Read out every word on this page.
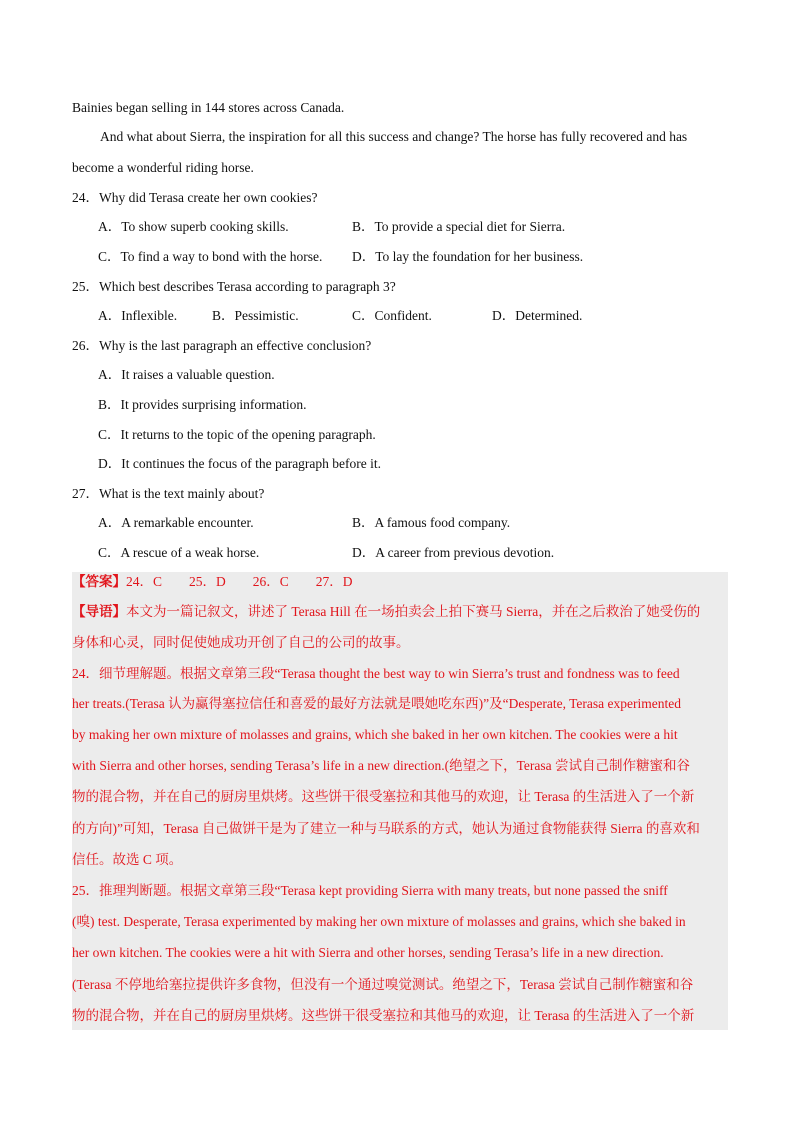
Bainies began selling in 144 stores across Canada.
And what about Sierra, the inspiration for all this success and change? The horse has fully recovered and has
become a wonderful riding horse.
24．Why did Terasa create her own cookies?
A．To show superb cooking skills.	B．To provide a special diet for Sierra.
C．To find a way to bond with the horse. D．To lay the foundation for her business.
25．Which best describes Terasa according to paragraph 3?
A．Inflexible.	B．Pessimistic.	C．Confident.	D．Determined.
26．Why is the last paragraph an effective conclusion?
A．It raises a valuable question.
B．It provides surprising information.
C．It returns to the topic of the opening paragraph.
D．It continues the focus of the paragraph before it.
27．What is the text mainly about?
A．A remarkable encounter.	B．A famous food company.
C．A rescue of a weak horse.	D．A career from previous devotion.
【答案】24．C　　25．D　　26．C　　27．D
【导语】本文为一篇记叙文，讲述了 Terasa Hill 在一场拍卖会上拍下赛马 Sierra，并在之后救治了她受伤的
身体和心灵，同时促使她成功开创了自己的公司的故事。
24．细节理解题。根据文章第三段“Terasa thought the best way to win Sierra’s trust and fondness was to feed
her treats.(Terasa 认为赢得塞拉信任和喜爱的最好方法就是喂她吃东西)”及“Desperate, Terasa experimented
by making her own mixture of molasses and grains, which she baked in her own kitchen. The cookies were a hit
with Sierra and other horses, sending Terasa’s life in a new direction.(绝望之下，Terasa 尝试自己制作糖蜜和谷
物的混合物，并在自己的厨房里烘烤。这些饼干很受塞拉和其他马的欢迎，让 Terasa 的生活进入了一个新
的方向)”可知，Terasa 自己做饼干是为了建立一种与马联系的方式，她认为通过食物能获得 Sierra 的喜欢和
信任。故选 C 项。
25．推理判断题。根据文章第三段“Terasa kept providing Sierra with many treats, but none passed the sniff
(嗅) test. Desperate, Terasa experimented by making her own mixture of molasses and grains, which she baked in
her own kitchen. The cookies were a hit with Sierra and other horses, sending Terasa’s life in a new direction.
(Terasa 不停地给塞拉提供许多食物，但没有一个通过嗅觉测试。绝望之下，Terasa 尝试自己制作糖蜜和谷
物的混合物，并在自己的厨房里烘烤。这些饼干很受塞拉和其他马的欢迎，让 Terasa 的生活进入了一个新
